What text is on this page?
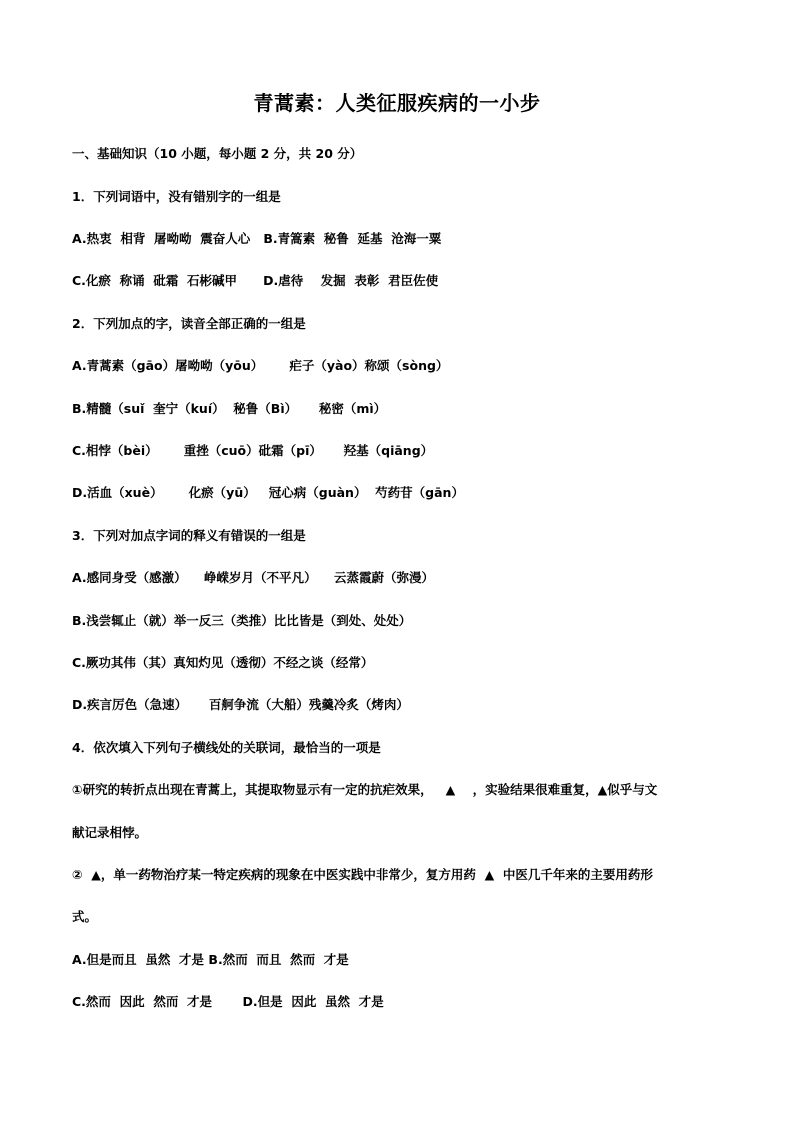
青蒿素：人类征服疾病的一小步
一、基础知识（10 小题，每小题 2 分，共 20 分）
1．下列词语中，没有错别字的一组是
A.热衷  相背  屠呦呦  震奋人心   B.青篙素  秘鲁  延基  沧海一粟
C.化瘀  称诵  砒霜  石彬碱甲      D.虐待    发掘  表彰  君臣佐使
2．下列加点的字，读音全部正确的一组是
A.青蒿素（gāo）屠呦呦（yōu）      疟子（yào）称颂（sòng）
B.精髓（suǐ  奎宁（kuí）  秘鲁（Bì）     秘密（mì）
C.相悖（bèi）      重挫（cuō）砒霜（pī）     羟基（qiāng）
D.活血（xuè）      化瘀（yū）   冠心病（guàn）  芍药苷（gān）
3．下列对加点字词的释义有错误的一组是
A.感同身受（感激）    峥嵘岁月（不平凡）    云蒸霞蔚（弥漫）
B.浅尝辄止（就）举一反三（类推）比比皆是（到处、处处）
C.厥功其伟（其）真知灼见（透彻）不经之谈（经常）
D.疾言厉色（急速）     百舸争流（大船）残羹冷炙（烤肉）
4．依次填入下列句子横线处的关联词，最恰当的一项是
①研究的转折点出现在青蒿上，其提取物显示有一定的抗疟效果，   ▲    ，实验结果很难重复，▲似乎与文
献记录相悖。
②  ▲，单一药物治疗某一特定疾病的现象在中医实践中非常少，复方用药  ▲  中医几千年来的主要用药形
式。
A.但是而且  虽然  才是 B.然而  而且  然而  才是
C.然而  因此  然而  才是       D.但是  因此  虽然  才是
